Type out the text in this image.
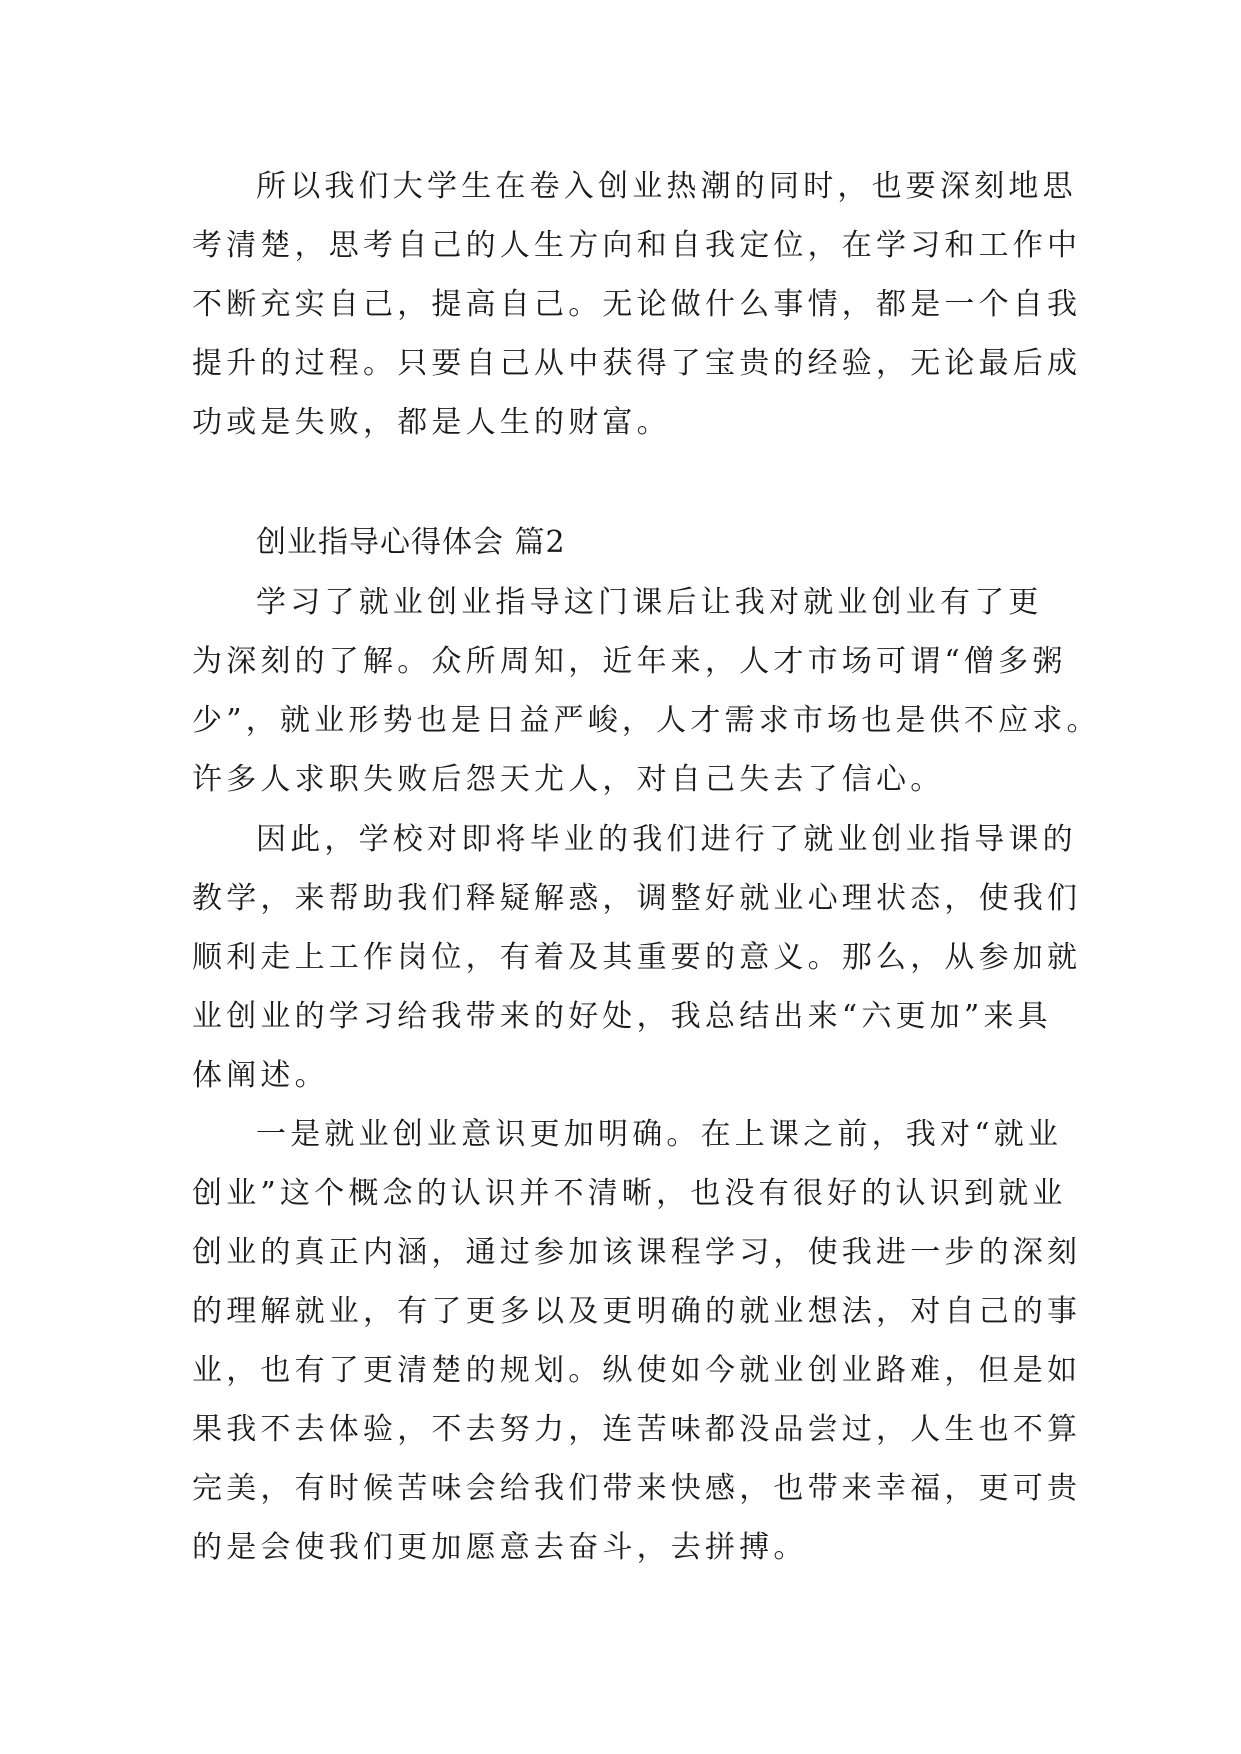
所以我们大学生在卷入创业热潮的同时，也要深刻地思
考清楚，思考自己的人生方向和自我定位，在学习和工作中
不断充实自己，提高自己。无论做什么事情，都是一个自我
提升的过程。只要自己从中获得了宝贵的经验，无论最后成
功或是失败，都是人生的财富。
创业指导心得体会 篇2
学习了就业创业指导这门课后让我对就业创业有了更
为深刻的了解。众所周知，近年来，人才市场可谓“僧多粥
少”，就业形势也是日益严峻，人才需求市场也是供不应求。
许多人求职失败后怨天尤人，对自己失去了信心。
因此，学校对即将毕业的我们进行了就业创业指导课的
教学，来帮助我们释疑解惑，调整好就业心理状态，使我们
顺利走上工作岗位，有着及其重要的意义。那么，从参加就
业创业的学习给我带来的好处，我总结出来“六更加”来具
体阐述。
一是就业创业意识更加明确。在上课之前，我对“就业
创业”这个概念的认识并不清晰，也没有很好的认识到就业
创业的真正内涵，通过参加该课程学习，使我进一步的深刻
的理解就业，有了更多以及更明确的就业想法，对自己的事
业，也有了更清楚的规划。纵使如今就业创业路难，但是如
果我不去体验，不去努力，连苦味都没品尝过，人生也不算
完美，有时候苦味会给我们带来快感，也带来幸福，更可贵
的是会使我们更加愿意去奋斗，去拼搏。
